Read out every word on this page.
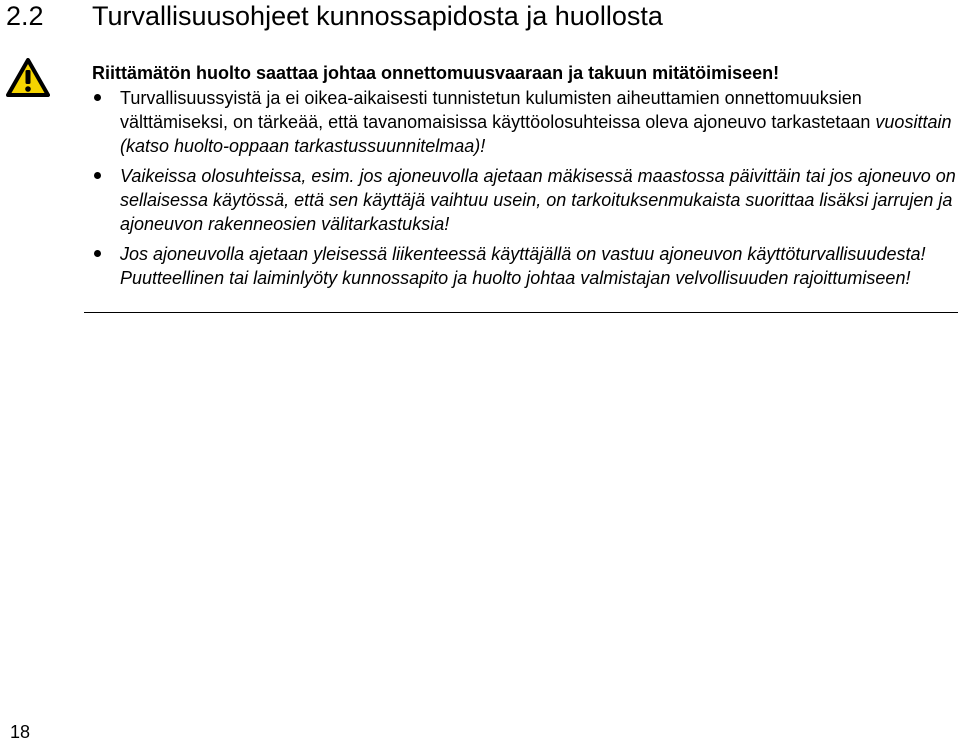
2.2 Turvallisuusohjeet kunnossapidosta ja huollosta
Riittämätön huolto saattaa johtaa onnettomuusvaaraan ja takuun mitätöimiseen!
Turvallisuussyistä ja ei oikea-aikaisesti tunnistetun kulumisten aiheuttamien onnettomuuksien välttämiseksi, on tärkeää, että tavanomaisissa käyttöolosuhteissa oleva ajoneuvo tarkastetaan vuosittain (katso huolto-oppaan tarkastussuunnitelmaa)!
Vaikeissa olosuhteissa, esim. jos ajoneuvolla ajetaan mäkisessä maastossa päivittäin tai jos ajoneuvo on sellaisessa käytössä, että sen käyttäjä vaihtuu usein, on tarkoituksenmukaista suorittaa lisäksi jarrujen ja ajoneuvon rakenneosien välitarkastuksia!
Jos ajoneuvolla ajetaan yleisessä liikenteessä käyttäjällä on vastuu ajoneuvon käyttöturvallisuudesta! Puutteellinen tai laiminlyöty kunnossapito ja huolto johtaa valmistajan velvollisuuden rajoittumiseen!
18
